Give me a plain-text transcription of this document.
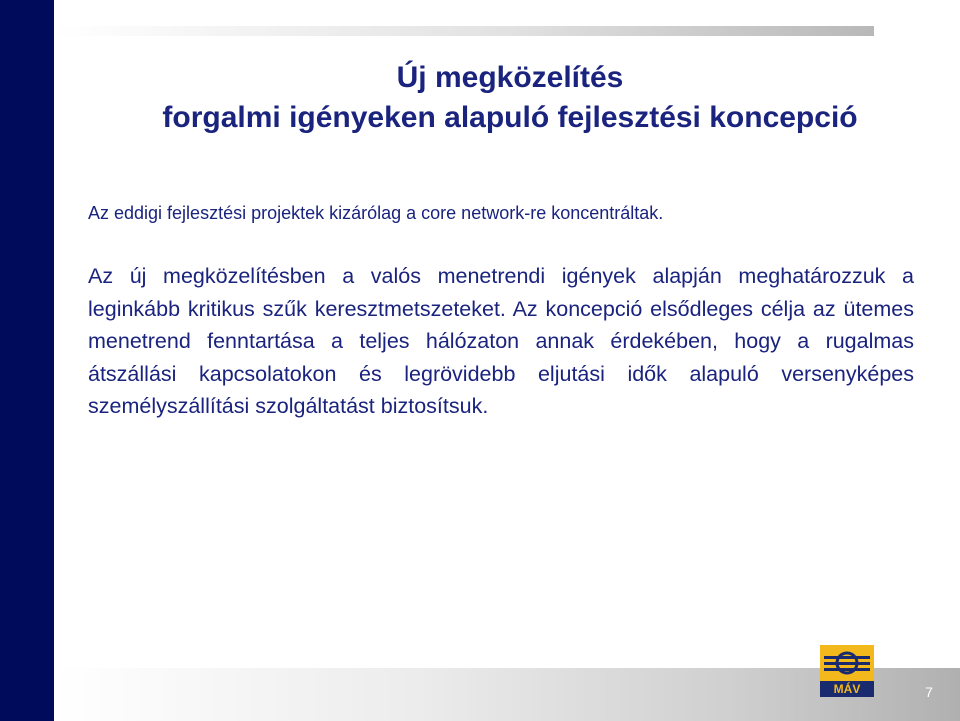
Új megközelítés
forgalmi igényeken alapuló fejlesztési koncepció

Az eddigi fejlesztési projektek kizárólag a core network-re koncentráltak.

Az új megközelítésben a valós menetrendi igények alapján meghatározzuk a leginkább kritikus szűk keresztmetszeteket. Az koncepció elsődleges célja az ütemes menetrend fenntartása a teljes hálózaton annak érdekében, hogy a rugalmas átszállási kapcsolatokon és legrövidebb eljutási idők alapuló versenyképes személyszállítási szolgáltatást biztosítsuk.

MÁV	7
